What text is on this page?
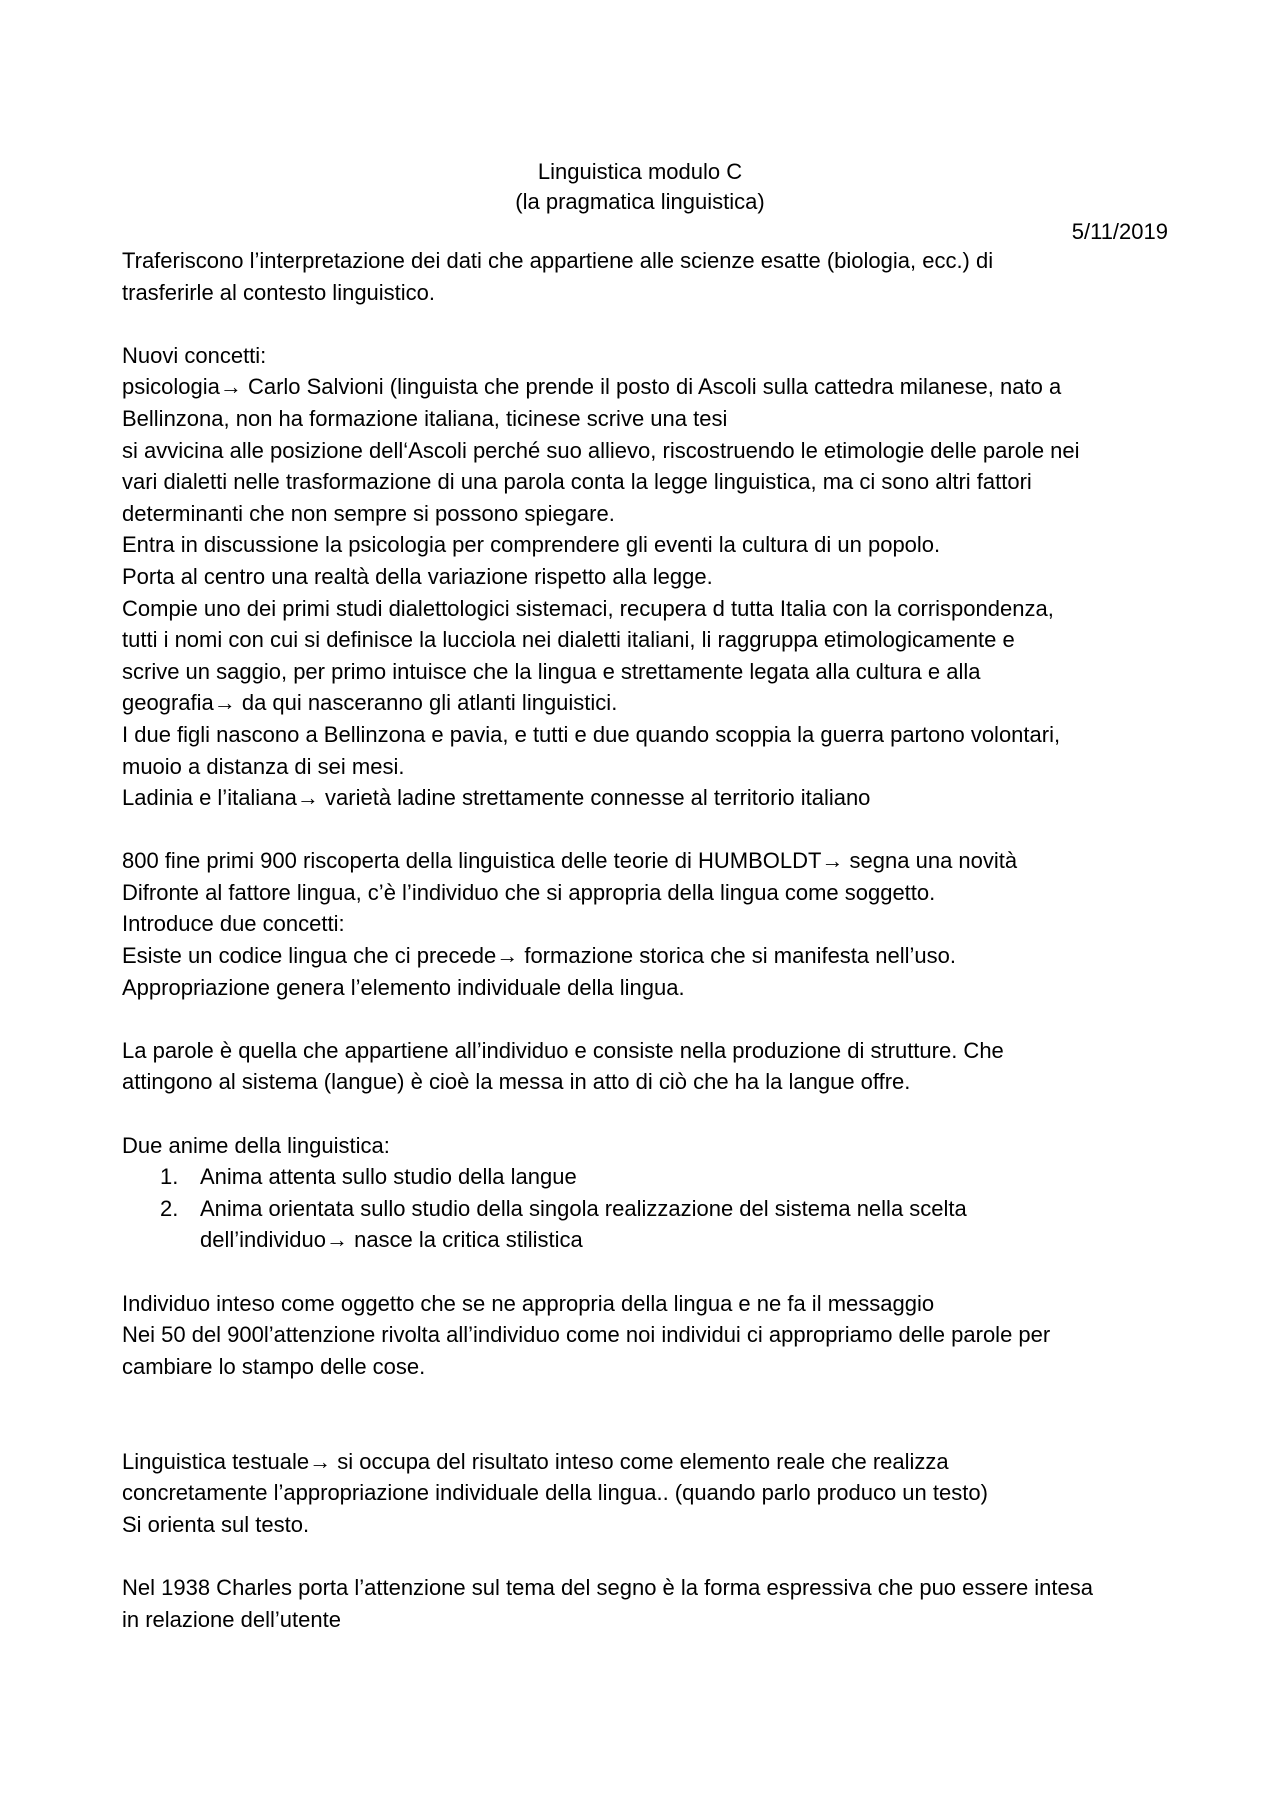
Linguistica modulo C
(la pragmatica linguistica)
5/11/2019
Traferiscono l’interpretazione dei dati che appartiene alle scienze esatte (biologia, ecc.) di
trasferirle al contesto linguistico.
Nuovi concetti:
psicologia→ Carlo Salvioni (linguista che prende il posto di Ascoli sulla cattedra milanese, nato a
Bellinzona, non ha formazione italiana, ticinese scrive una tesi
si avvicina alle posizione dell‘Ascoli perché suo allievo, riscostruendo le etimologie delle parole nei
vari dialetti nelle trasformazione di una parola conta la legge linguistica, ma ci sono altri fattori
determinanti che non sempre si possono spiegare.
Entra in discussione la psicologia per comprendere gli eventi la cultura di un popolo.
Porta al centro una realtà della variazione rispetto alla legge.
Compie uno dei primi studi dialettologici sistemaci, recupera d tutta Italia con la corrispondenza,
tutti i nomi con cui si definisce la lucciola nei dialetti italiani, li raggruppa etimologicamente e
scrive un saggio, per primo intuisce che la lingua e strettamente legata alla cultura e alla
geografia→ da qui nasceranno gli atlanti linguistici.
I due figli nascono a Bellinzona e pavia, e tutti e due quando scoppia la guerra partono volontari,
muoio a distanza di sei mesi.
Ladinia e l’italiana→ varietà ladine strettamente connesse al territorio italiano
800 fine primi 900 riscoperta della linguistica delle teorie di HUMBOLDT→ segna una novità
Difronte al fattore lingua, c’è l’individuo che si appropria della lingua come soggetto.
Introduce due concetti:
Esiste un codice lingua che ci precede→ formazione storica che si manifesta nell’uso.
Appropriazione genera l’elemento individuale della lingua.
La parole è quella che appartiene all’individuo e consiste nella produzione di strutture. Che
attingono al sistema (langue) è cioè la messa in atto di ciò che ha la langue offre.
Due anime della linguistica:
1. Anima attenta sullo studio della langue
2. Anima orientata sullo studio della singola realizzazione del sistema nella scelta
dell’individuo→ nasce la critica stilistica
Individuo inteso come oggetto che se ne appropria della lingua e ne fa il messaggio
Nei 50 del 900l’attenzione rivolta all’individuo come noi individui ci appropriamo delle parole per
cambiare lo stampo delle cose.
Linguistica testuale→ si occupa del risultato inteso come elemento reale che realizza
concretamente l’appropriazione individuale della lingua.. (quando parlo produco un testo)
Si orienta sul testo.
Nel 1938 Charles porta l’attenzione sul tema del segno è la forma espressiva che puo essere intesa
in relazione dell’utente
